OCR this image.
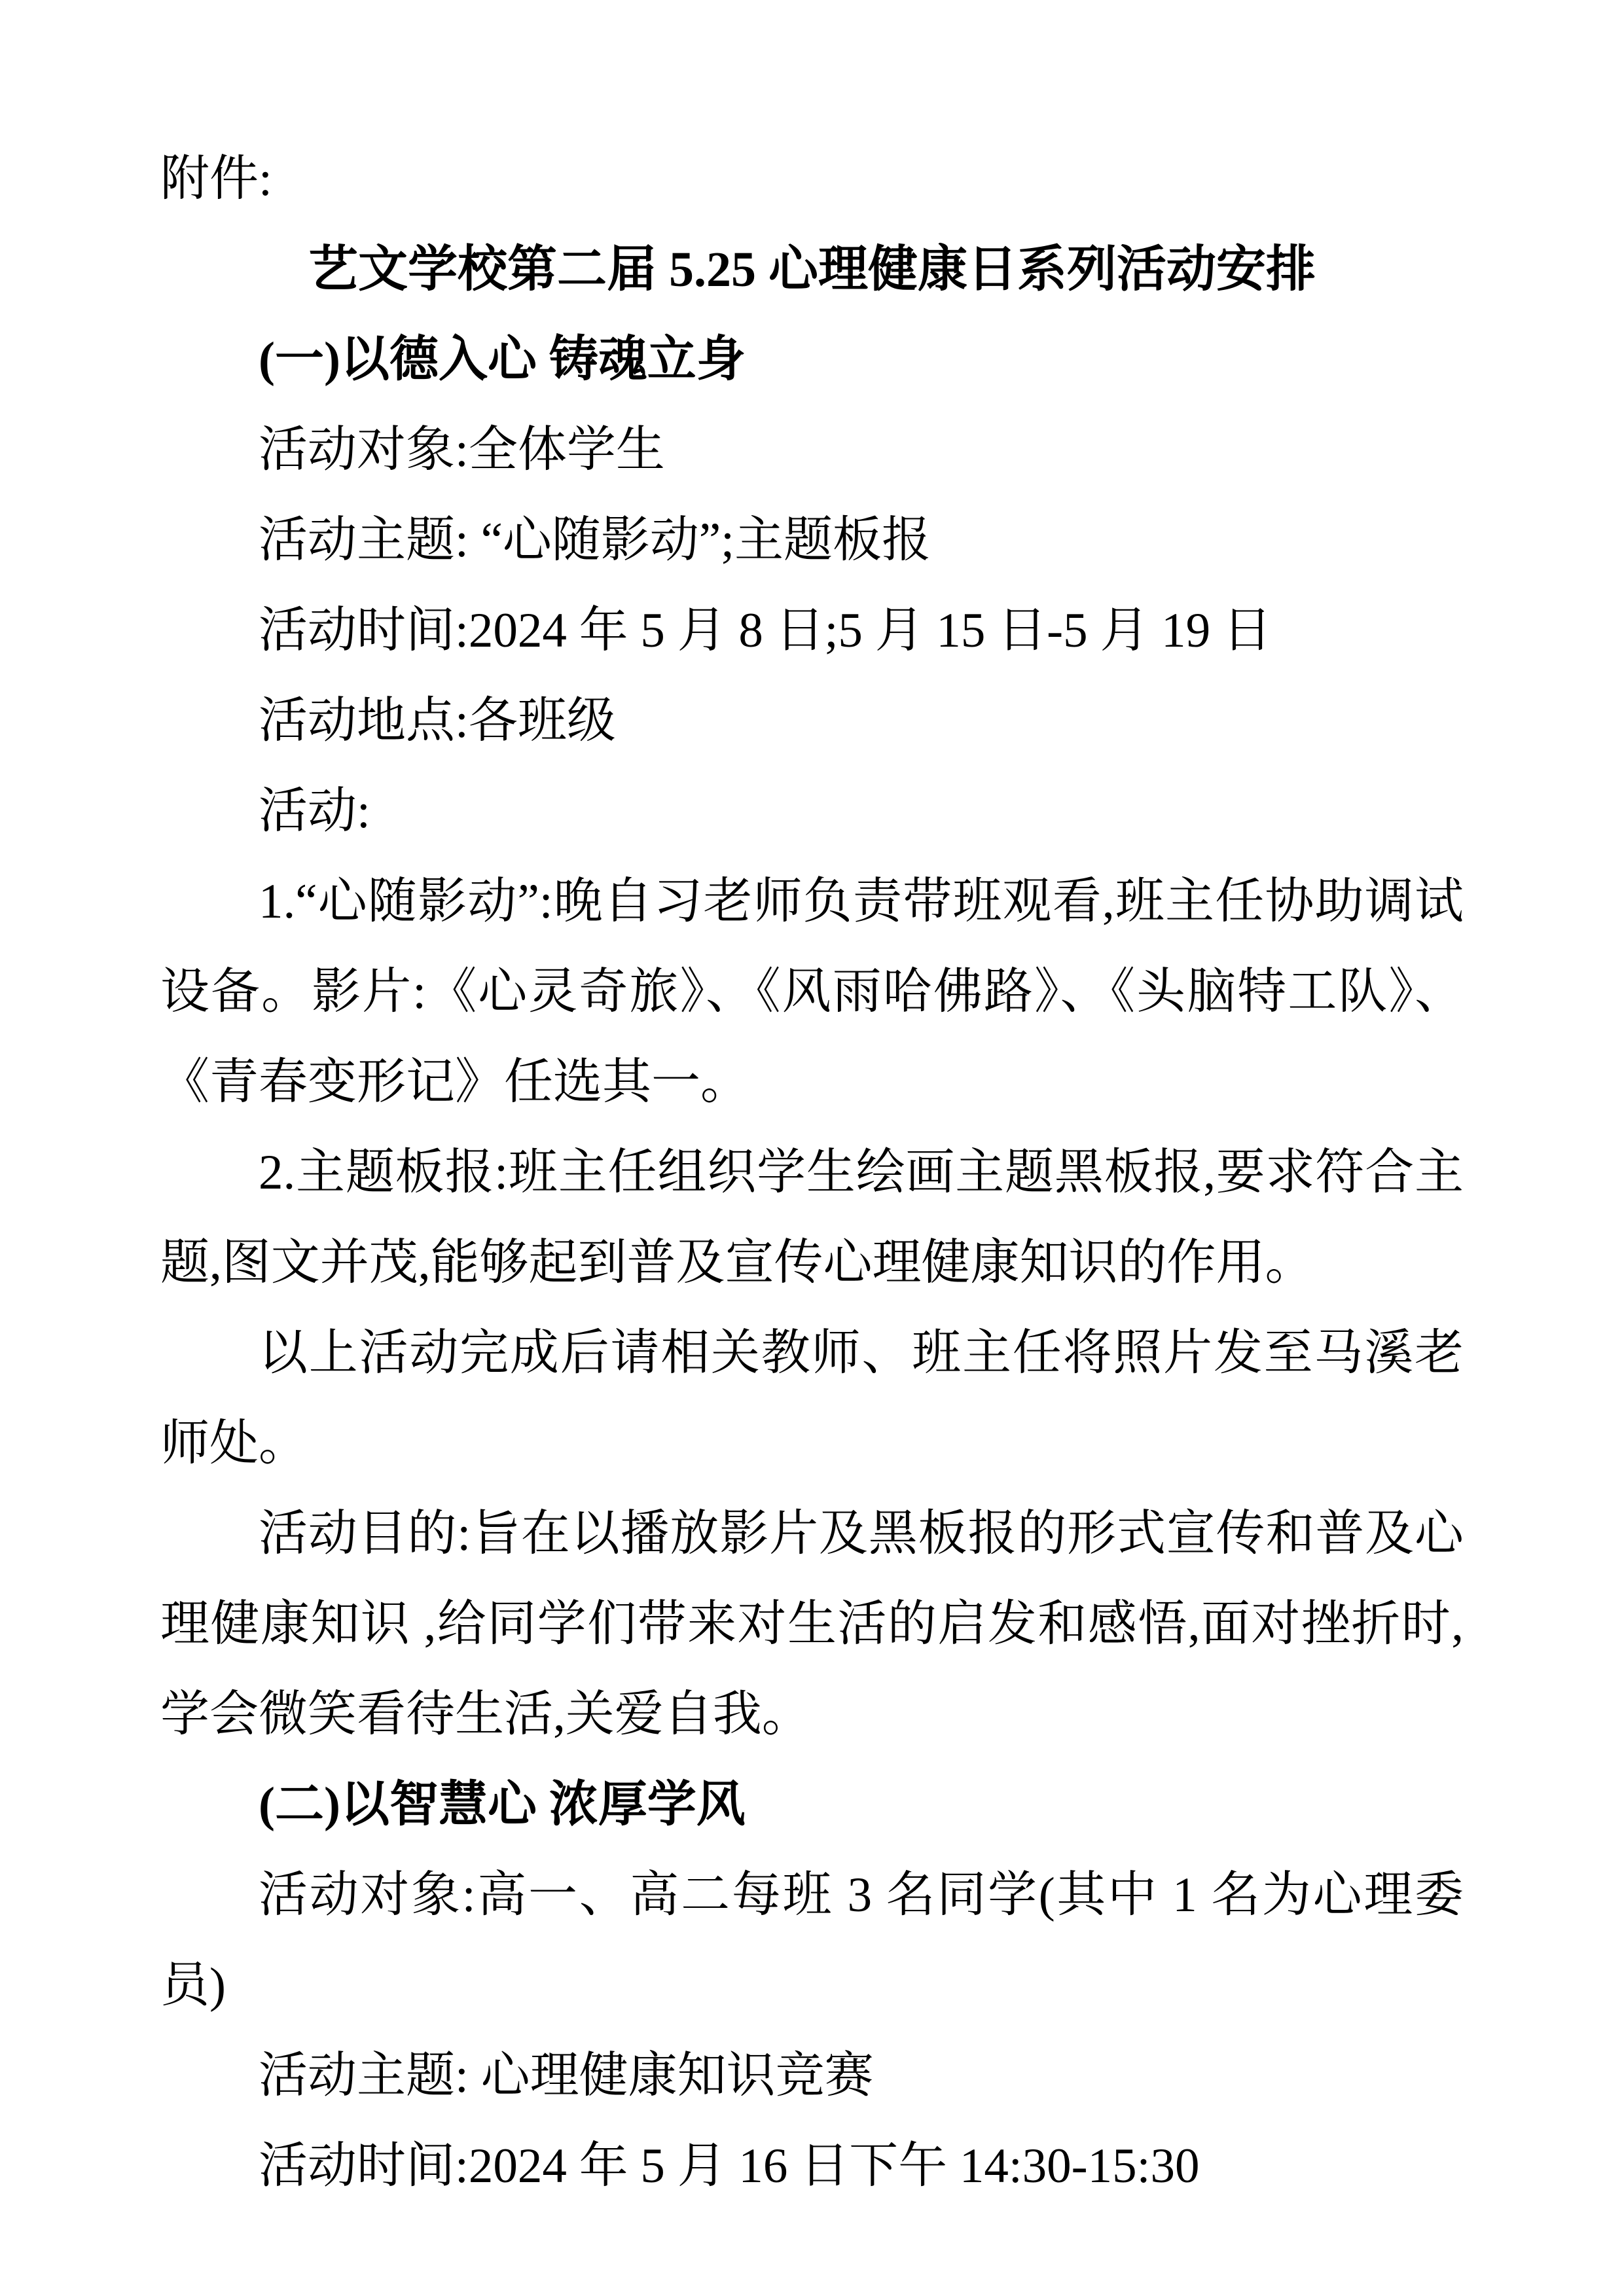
附件:

艺文学校第二届 5.25 心理健康日系列活动安排
(一)以德入心 铸魂立身

活动对象:全体学生

活动主题: “心随影动”;主题板报

活动时间:2024 年 5 月 8 日;5 月 15 日-5 月 19 日

活动地点:各班级

活动:

1.“心随影动”:晚自习老师负责带班观看,班主任协助调试设备。影片:《心灵奇旅》、《风雨哈佛路》、《头脑特工队》、《青春变形记》任选其一。

2.主题板报:班主任组织学生绘画主题黑板报,要求符合主题,图文并茂,能够起到普及宣传心理健康知识的作用。

以上活动完成后请相关教师、班主任将照片发至马溪老师处。

活动目的:旨在以播放影片及黑板报的形式宣传和普及心理健康知识 ,给同学们带来对生活的启发和感悟,面对挫折时,学会微笑看待生活,关爱自我。

(二)以智慧心 浓厚学风

活动对象:高一、高二每班 3 名同学(其中 1 名为心理委员)

活动主题: 心理健康知识竞赛

活动时间:2024 年 5 月 16 日下午 14:30-15:30
